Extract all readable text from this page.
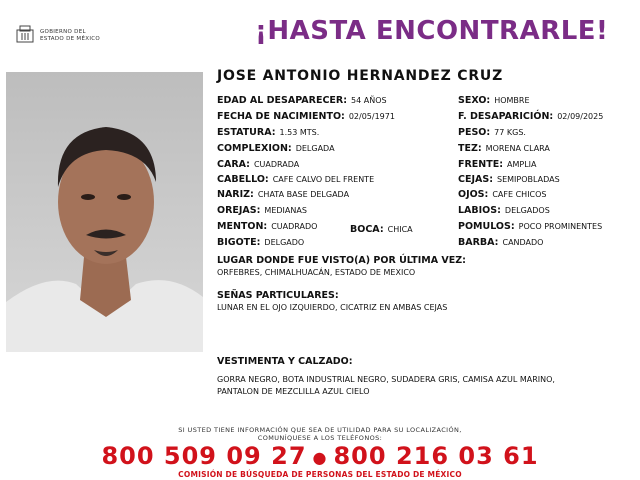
GOBIERNO DEL
ESTADO DE MÉXICO	¡HASTA ENCONTRARLE!
JOSE ANTONIO HERNANDEZ CRUZ
EDAD AL DESAPARECER: 54 AÑOS
FECHA DE NACIMIENTO: 02/05/1971
ESTATURA: 1.53 MTS.
COMPLEXION: DELGADA
CARA: CUADRADA
CABELLO: CAFE CALVO DEL FRENTE
NARIZ: CHATA BASE DELGADA
OREJAS: MEDIANAS
MENTON: CUADRADO	BOCA: CHICA
BIGOTE: DELGADO
SEXO: HOMBRE
F. DESAPARICIÓN: 02/09/2025
PESO: 77 KGS.
TEZ: MORENA CLARA
FRENTE: AMPLIA
CEJAS: SEMIPOBLADAS
OJOS: CAFE CHICOS
LABIOS: DELGADOS
POMULOS: POCO PROMINENTES
BARBA: CANDADO
LUGAR DONDE FUE VISTO(A) POR ÚLTIMA VEZ:
ORFEBRES, CHIMALHUACÁN, ESTADO DE MEXICO
SEÑAS PARTICULARES:
LUNAR EN EL OJO IZQUIERDO, CICATRIZ EN AMBAS CEJAS
VESTIMENTA Y CALZADO:
GORRA NEGRO, BOTA INDUSTRIAL NEGRO, SUDADERA GRIS, CAMISA AZUL MARINO,
PANTALON DE MEZCLILLA AZUL CIELO
SI USTED TIENE INFORMACIÓN QUE SEA DE UTILIDAD PARA SU LOCALIZACIÓN,
COMUNÍQUESE A LOS TELÉFONOS:
800 509 09 27 ● 800 216 03 61
COMISIÓN DE BÚSQUEDA DE PERSONAS DEL ESTADO DE MÉXICO
